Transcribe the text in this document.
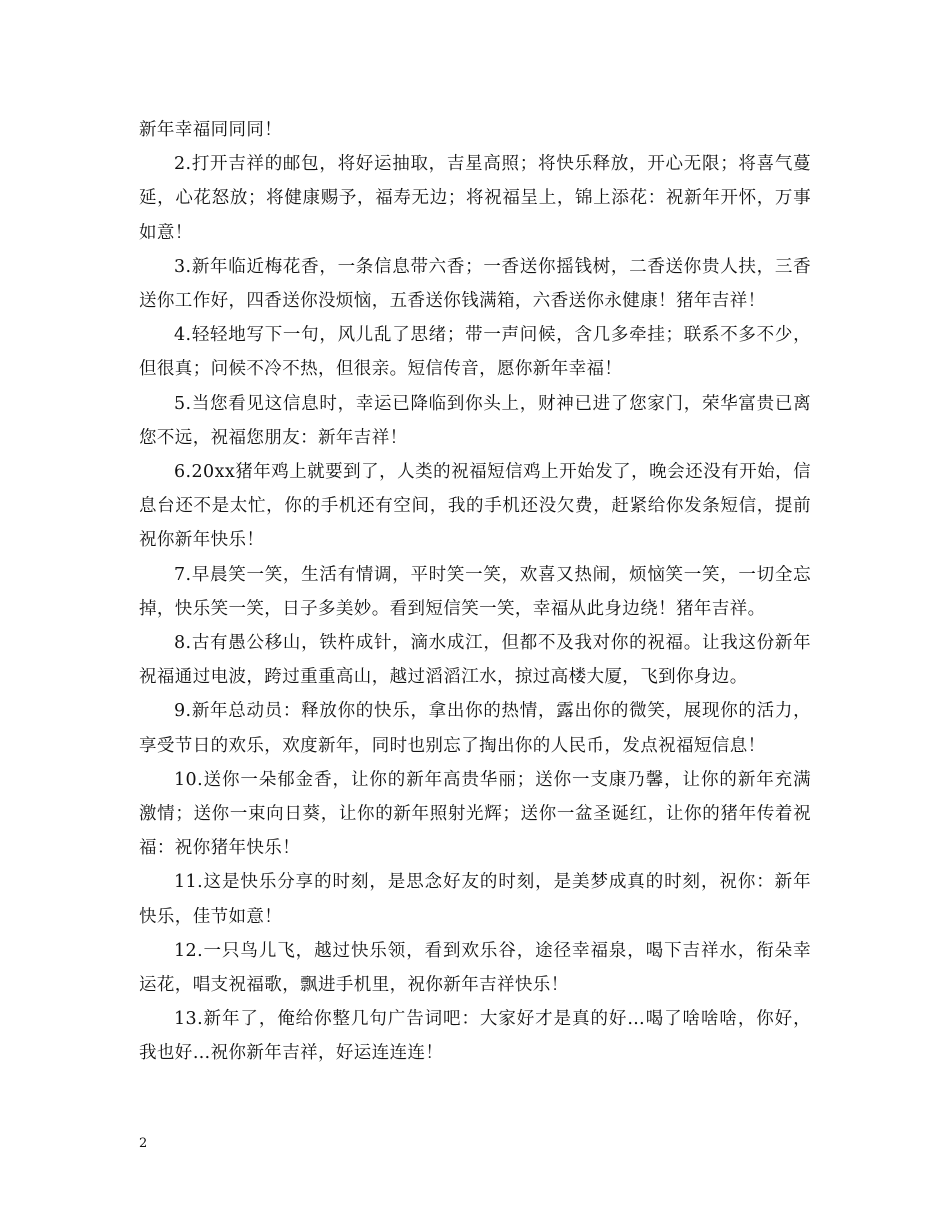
新年幸福同同同！

2.打开吉祥的邮包，将好运抽取，吉星高照；将快乐释放，开心无限；将喜气蔓延，心花怒放；将健康赐予，福寿无边；将祝福呈上，锦上添花：祝新年开怀，万事如意！

3.新年临近梅花香，一条信息带六香；一香送你摇钱树，二香送你贵人扶，三香送你工作好，四香送你没烦恼，五香送你钱满箱，六香送你永健康！猪年吉祥！

4.轻轻地写下一句，风儿乱了思绪；带一声问候，含几多牵挂；联系不多不少，但很真；问候不冷不热，但很亲。短信传音，愿你新年幸福！

5.当您看见这信息时，幸运已降临到你头上，财神已进了您家门，荣华富贵已离您不远，祝福您朋友：新年吉祥！

6.20xx猪年鸡上就要到了，人类的祝福短信鸡上开始发了，晚会还没有开始，信息台还不是太忙，你的手机还有空间，我的手机还没欠费，赶紧给你发条短信，提前祝你新年快乐！

7.早晨笑一笑，生活有情调，平时笑一笑，欢喜又热闹，烦恼笑一笑，一切全忘掉，快乐笑一笑，日子多美妙。看到短信笑一笑，幸福从此身边绕！猪年吉祥。

8.古有愚公移山，铁杵成针，滴水成江，但都不及我对你的祝福。让我这份新年祝福通过电波，跨过重重高山，越过滔滔江水，掠过高楼大厦，飞到你身边。

9.新年总动员：释放你的快乐，拿出你的热情，露出你的微笑，展现你的活力，享受节日的欢乐，欢度新年，同时也别忘了掏出你的人民币，发点祝福短信息！

10.送你一朵郁金香，让你的新年高贵华丽；送你一支康乃馨，让你的新年充满激情；送你一束向日葵，让你的新年照射光辉；送你一盆圣诞红，让你的猪年传着祝福：祝你猪年快乐！

11.这是快乐分享的时刻，是思念好友的时刻，是美梦成真的时刻，祝你：新年快乐，佳节如意！

12.一只鸟儿飞，越过快乐领，看到欢乐谷，途径幸福泉，喝下吉祥水，衔朵幸运花，唱支祝福歌，飘进手机里，祝你新年吉祥快乐！

13.新年了，俺给你整几句广告词吧：大家好才是真的好…喝了啥啥啥，你好，我也好…祝你新年吉祥，好运连连连！

2
